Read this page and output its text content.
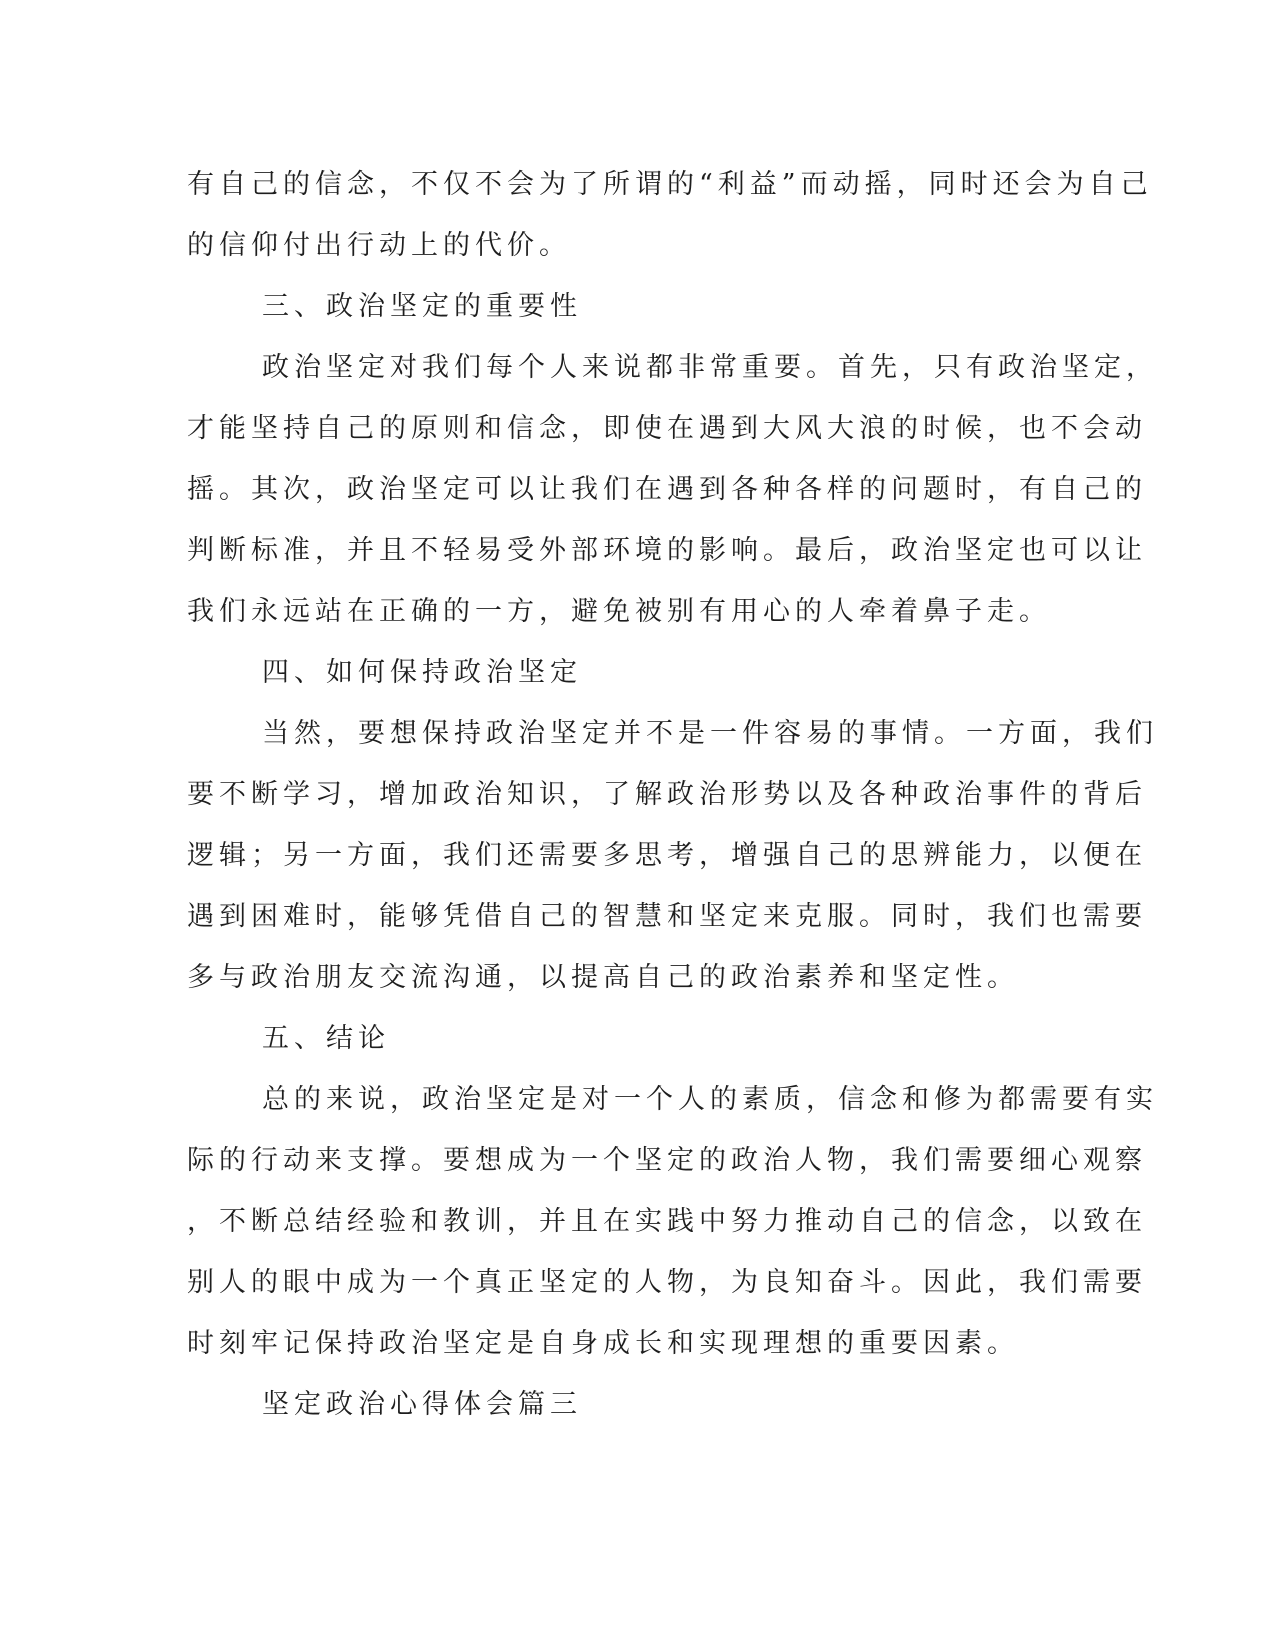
有自己的信念，不仅不会为了所谓的“利益”而动摇，同时还会为自己
的信仰付出行动上的代价。
三、政治坚定的重要性
政治坚定对我们每个人来说都非常重要。首先，只有政治坚定，
才能坚持自己的原则和信念，即使在遇到大风大浪的时候，也不会动
摇。其次，政治坚定可以让我们在遇到各种各样的问题时，有自己的
判断标准，并且不轻易受外部环境的影响。最后，政治坚定也可以让
我们永远站在正确的一方，避免被别有用心的人牵着鼻子走。
四、如何保持政治坚定
当然，要想保持政治坚定并不是一件容易的事情。一方面，我们
要不断学习，增加政治知识，了解政治形势以及各种政治事件的背后
逻辑；另一方面，我们还需要多思考，增强自己的思辨能力，以便在
遇到困难时，能够凭借自己的智慧和坚定来克服。同时，我们也需要
多与政治朋友交流沟通，以提高自己的政治素养和坚定性。
五、结论
总的来说，政治坚定是对一个人的素质，信念和修为都需要有实
际的行动来支撑。要想成为一个坚定的政治人物，我们需要细心观察
，不断总结经验和教训，并且在实践中努力推动自己的信念，以致在
别人的眼中成为一个真正坚定的人物，为良知奋斗。因此，我们需要
时刻牢记保持政治坚定是自身成长和实现理想的重要因素。
坚定政治心得体会篇三
